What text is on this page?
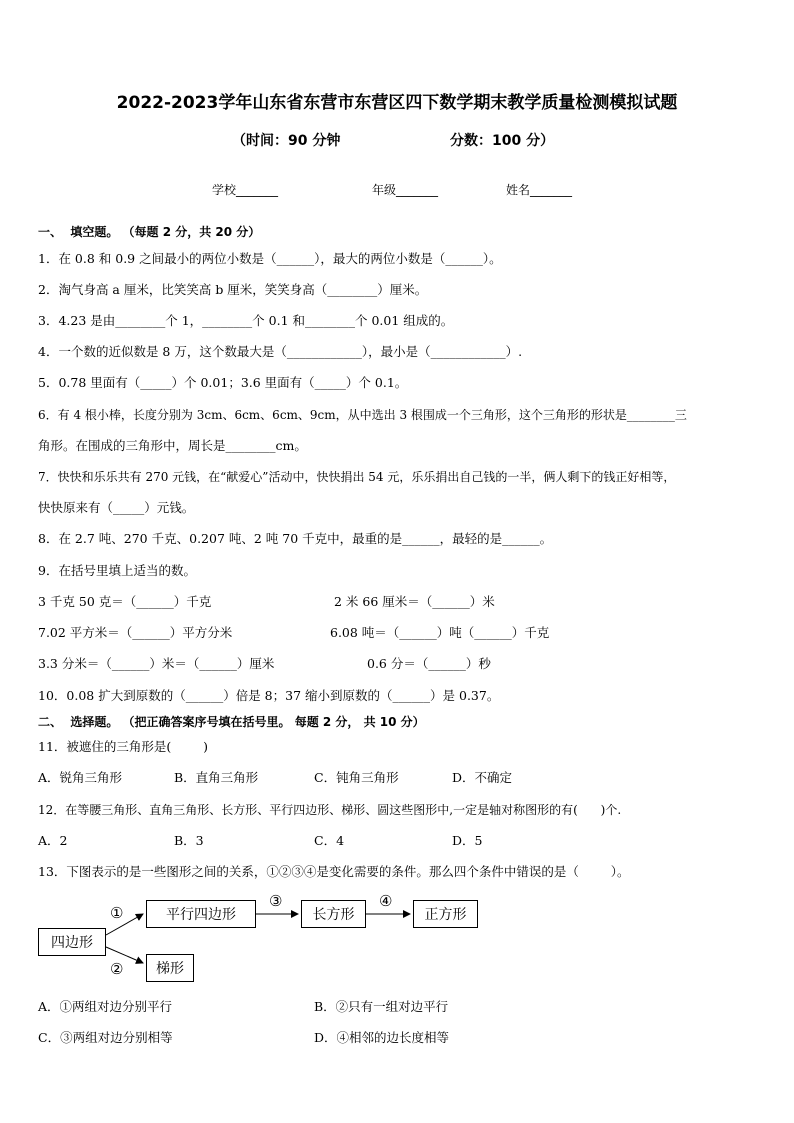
2022-2023学年山东省东营市东营区四下数学期末教学质量检测模拟试题
（时间：90 分钟	分数：100 分）
学校_______	年级_______	姓名_______
一、  填空题。 （每题 2 分，共 20 分）
1．在 0.8 和 0.9 之间最小的两位小数是（______），最大的两位小数是（______）。
2．淘气身高 a 厘米，比笑笑高 b 厘米，笑笑身高（________）厘米。
3．4.23 是由________个 1，________个 0.1 和________个 0.01 组成的。
4．一个数的近似数是 8 万，这个数最大是（____________），最小是（____________）.
5．0.78 里面有（_____）个 0.01；3.6 里面有（_____）个 0.1。
6．有 4 根小棒，长度分别为 3cm、6cm、6cm、9cm，从中选出 3 根围成一个三角形，这个三角形的形状是________三
角形。在围成的三角形中，周长是________cm。
7．快快和乐乐共有 270 元钱，在“献爱心”活动中，快快捐出 54 元，乐乐捐出自己钱的一半，俩人剩下的钱正好相等，
快快原来有（_____）元钱。
8．在 2.7 吨、270 千克、0.207 吨、2 吨 70 千克中，最重的是______，最轻的是______。
9．在括号里填上适当的数。
3 千克 50 克＝（______）千克	2 米 66 厘米＝（______）米
7.02 平方米＝（______）平方分米	6.08 吨＝（______）吨（______）千克
3.3 分米＝（______）米＝（______）厘米	0.6 分＝（______）秒
10．0.08 扩大到原数的（______）倍是 8；37 缩小到原数的（______）是 0.37。
二、  选择题。 （把正确答案序号填在括号里。 每题 2 分， 共 10 分）
11．被遮住的三角形是(        )
A．锐角三角形	B．直角三角形	C．钝角三角形	D．不确定
12．在等腰三角形、直角三角形、长方形、平行四边形、梯形、圆这些图形中,一定是轴对称图形的有(      )个.
A．2	B．3	C．4	D．5
13．下图表示的是一些图形之间的关系，①②③④是变化需要的条件。那么四个条件中错误的是（        ）。
四边形
平行四边形	长方形	正方形
梯形
①
②
③	④
A．①两组对边分别平行	B．②只有一组对边平行
C．③两组对边分别相等	D．④相邻的边长度相等
